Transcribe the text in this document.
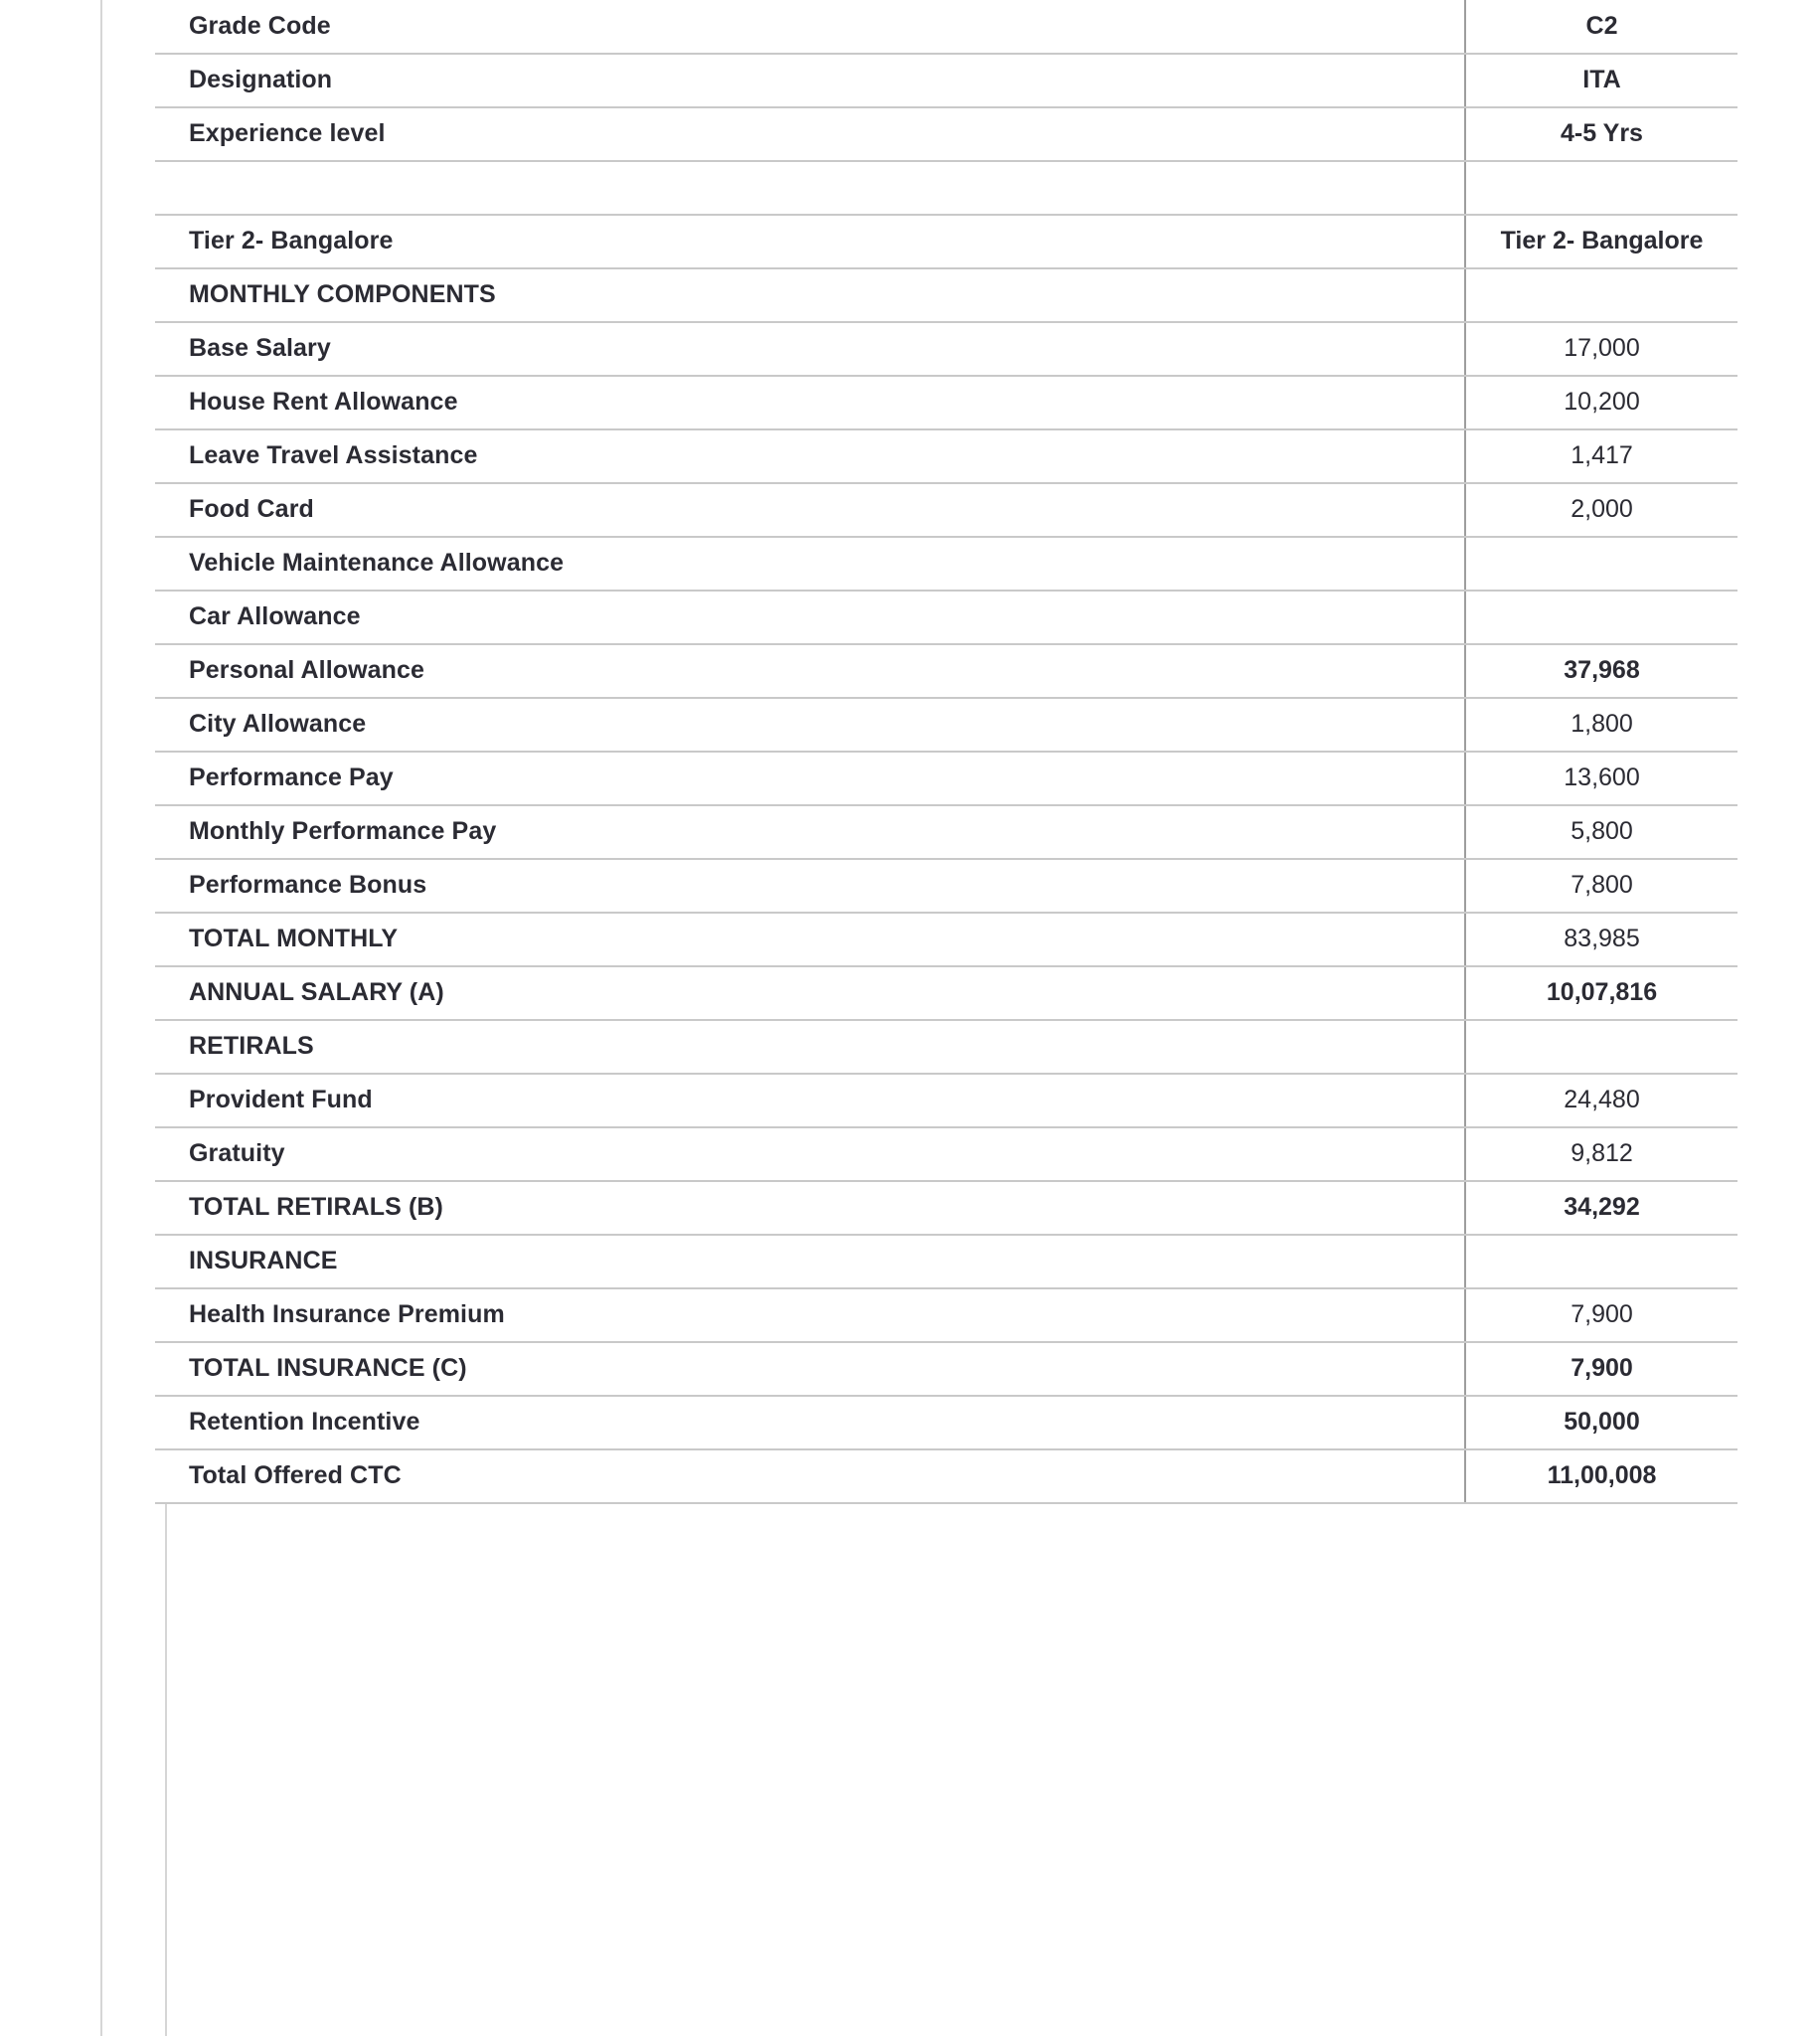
Grade Code	C2
Designation	ITA
Experience level	4-5 Yrs

Tier 2- Bangalore	Tier 2- Bangalore
MONTHLY COMPONENTS	
Base Salary	17,000
House Rent Allowance	10,200
Leave Travel Assistance	1,417
Food Card	2,000
Vehicle Maintenance Allowance	
Car Allowance	
Personal Allowance	37,968
City Allowance	1,800
Performance Pay	13,600
Monthly Performance Pay	5,800
Performance Bonus	7,800
TOTAL MONTHLY	83,985
ANNUAL SALARY (A)	10,07,816
RETIRALS	
Provident Fund	24,480
Gratuity	9,812
TOTAL RETIRALS (B)	34,292
INSURANCE	
Health Insurance Premium	7,900
TOTAL INSURANCE (C)	7,900
Retention Incentive	50,000
Total Offered CTC	11,00,008
